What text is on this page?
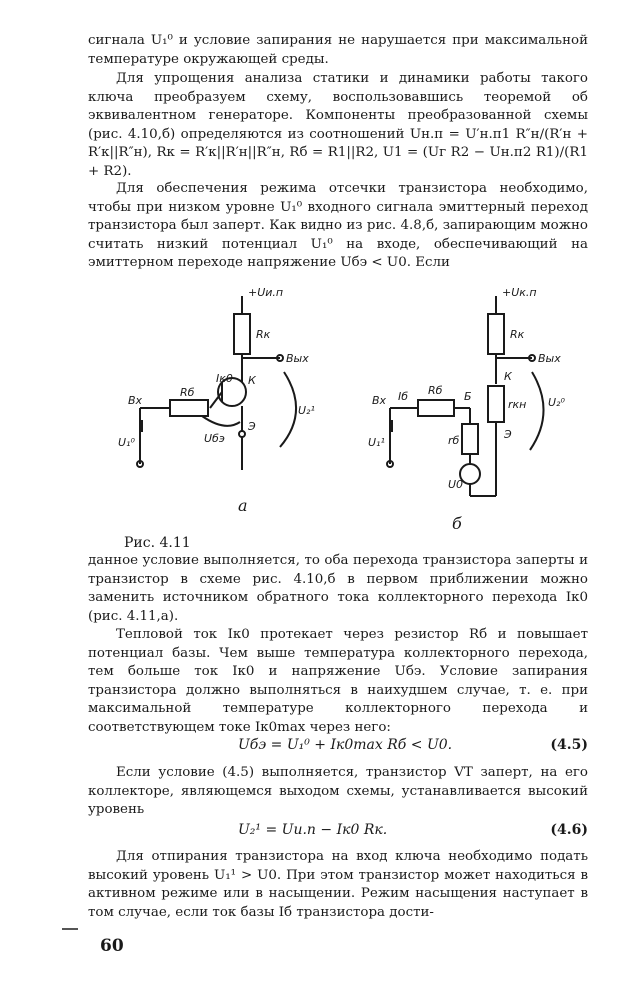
сигнала U₁⁰ и условие запирания не нарушается при максимальной температуре окружающей среды.

Для упрощения анализа статики и динамики работы такого ключа преобразуем схему, воспользовавшись теоремой об эквивалентном генераторе. Компоненты преобразованной схемы (рис. 4.10,б) определяются из соотношений Uн.п = U′н.п1 R″н/(R′н + R′к||R″н), Rк = R′к||R′н||R″н, Rб = R1||R2, U1 = (Uг R2 − Uн.п2 R1)/(R1 + R2).

Для обеспечения режима отсечки транзистора необходимо, чтобы при низком уровне U₁⁰ входного сигнала эмиттерный переход транзистора был заперт. Как видно из рис. 4.8,б, запирающим можно считать низкий потенциал U₁⁰ на входе, обеспечивающий на эмиттерном переходе напряжение Uбэ < U0. Если

+Uи.п
Rк
Вых
Вх
Rб
Iк0 К
Uбэ
Э
U₁⁰
U₂¹
+Uк.п
Rк
Вых
Вх Iб Rб Б
К
rкн
rб	Э
U0
U₁¹
U₂⁰
а
б
Рис. 4.11

данное условие выполняется, то оба перехода транзистора заперты и транзистор в схеме рис. 4.10,б в первом приближении можно заменить источником обратного тока коллекторного перехода Iк0 (рис. 4.11,а).

Тепловой ток Iк0 протекает через резистор Rб и повышает потенциал базы. Чем выше температура коллекторного перехода, тем больше ток Iк0 и напряжение Uбэ. Условие запирания транзистора должно выполняться в наихудшем случае, т. е. при максимальной температуре коллекторного перехода и соответствующем токе Iк0max через него:

Uбэ = U₁⁰ + Iк0max Rб < U0.	(4.5)

Если условие (4.5) выполняется, транзистор VT заперт, на его коллекторе, являющемся выходом схемы, устанавливается высокий уровень

U₂¹ = Uи.п − Iк0 Rк.	(4.6)

Для отпирания транзистора на вход ключа необходимо подать высокий уровень U₁¹ > U0. При этом транзистор может находиться в активном режиме или в насыщении. Режим насыщения наступает в том случае, если ток базы Iб транзистора дости-

60
